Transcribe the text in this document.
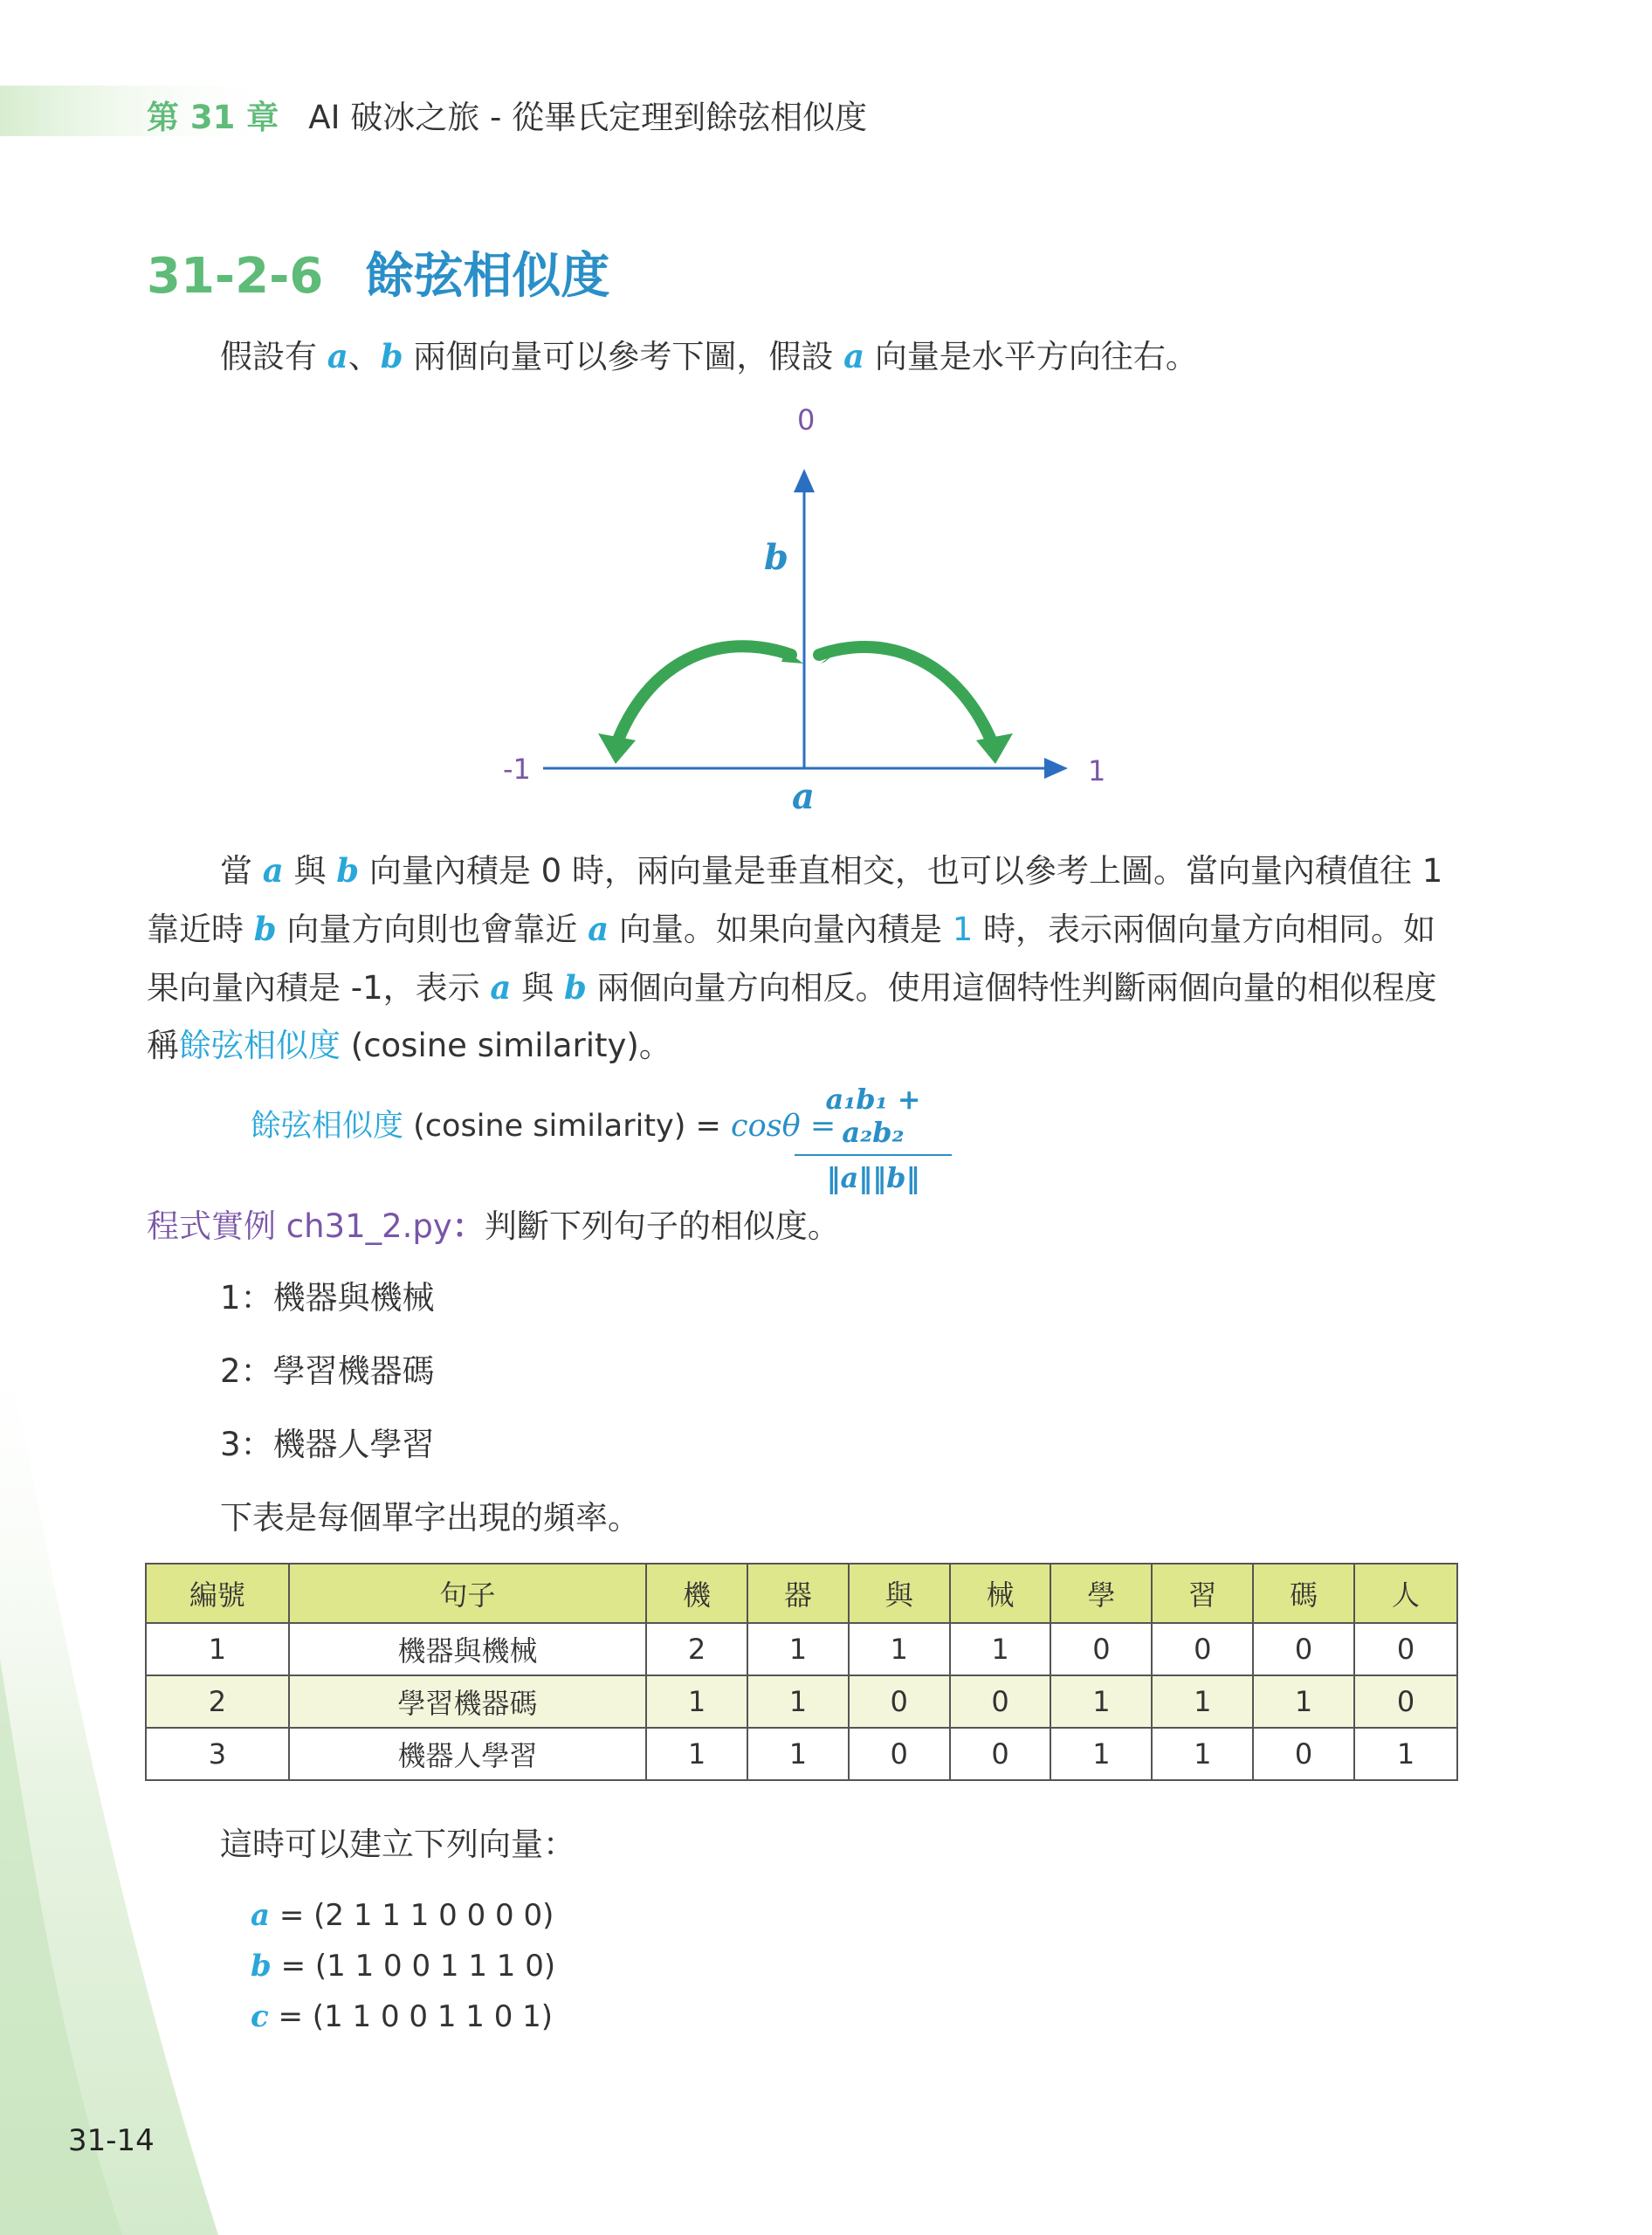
第 31 章 AI 破冰之旅 - 從畢氏定理到餘弦相似度
31-2-6 餘弦相似度
假設有 a、b 兩個向量可以參考下圖，假設 a 向量是水平方向往右。
0
-1	1
b
a
當 a 與 b 向量內積是 0 時，兩向量是垂直相交，也可以參考上圖。當向量內積值往 1 靠近時 b 向量方向則也會靠近 a 向量。如果向量內積是 1 時，表示兩個向量方向相同。如果向量內積是 -1，表示 a 與 b 兩個向量方向相反。使用這個特性判斷兩個向量的相似程度稱餘弦相似度 (cosine similarity)。
餘弦相似度 (cosine similarity) = cosθ =
a₁b₁ + a₂b₂
‖a‖‖b‖
程式實例 ch31_2.py：判斷下列句子的相似度。
1：機器與機械
2：學習機器碼
3：機器人學習
下表是每個單字出現的頻率。
編號	句子	機	器	與	械	學	習	碼	人
1	機器與機械	2	1	1	1	0	0	0	0
2	學習機器碼	1	1	0	0	1	1	1	0
3	機器人學習	1	1	0	0	1	1	0	1
這時可以建立下列向量：
a = (2 1 1 1 0 0 0 0)
b = (1 1 0 0 1 1 1 0)
c = (1 1 0 0 1 1 0 1)
31-14
